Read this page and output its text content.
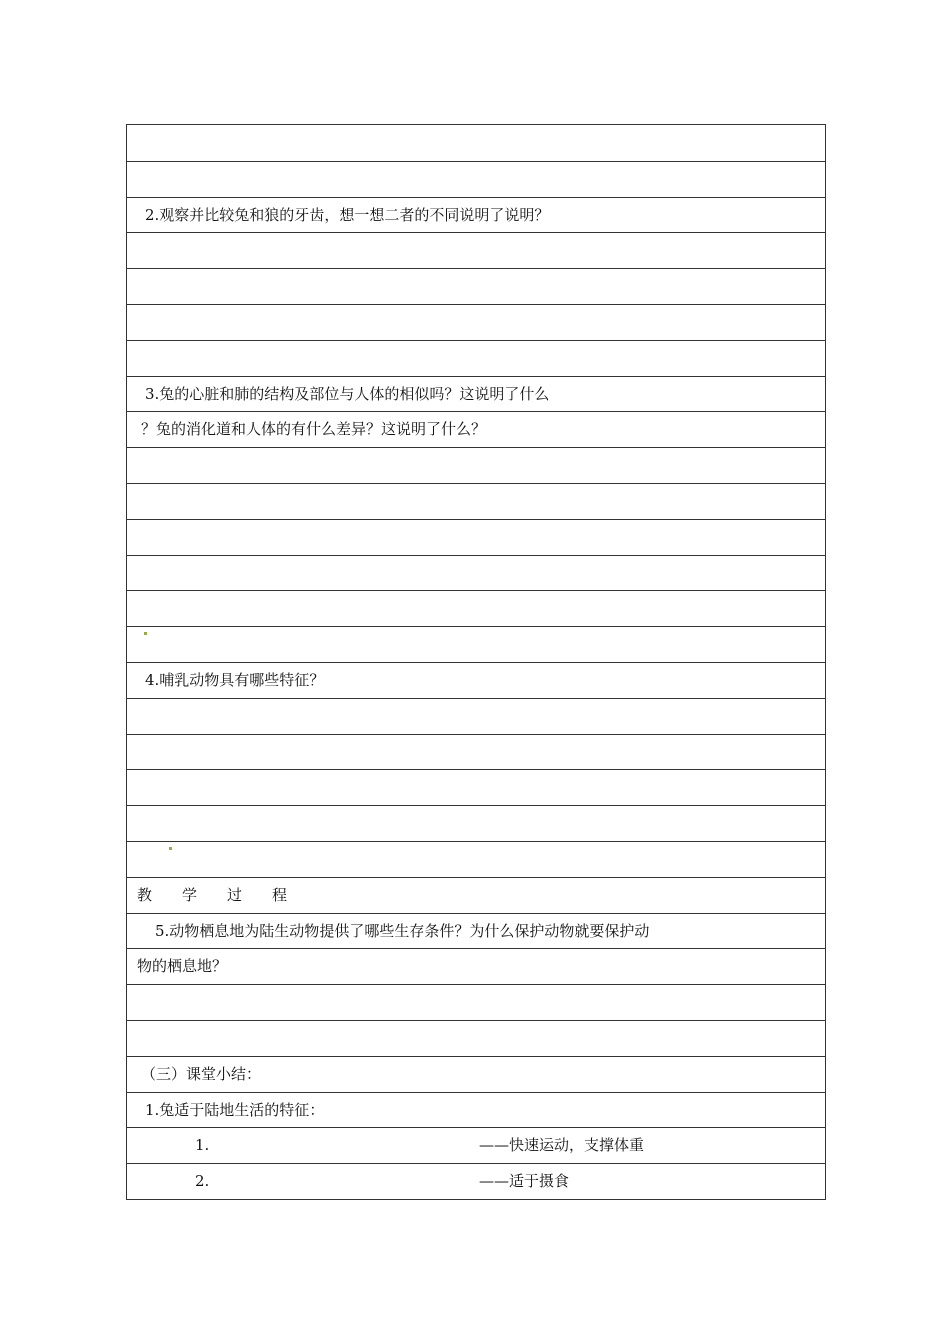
2.观察并比较兔和狼的牙齿，想一想二者的不同说明了说明？
3.兔的心脏和肺的结构及部位与人体的相似吗？这说明了什么
？兔的消化道和人体的有什么差异？这说明了什么？
4.哺乳动物具有哪些特征？
教 学 过 程
5.动物栖息地为陆生动物提供了哪些生存条件？为什么保护动物就要保护动
物的栖息地？
（三）课堂小结：
1.兔适于陆地生活的特征：
1.	——快速运动，支撑体重
2.	——适于摄食
